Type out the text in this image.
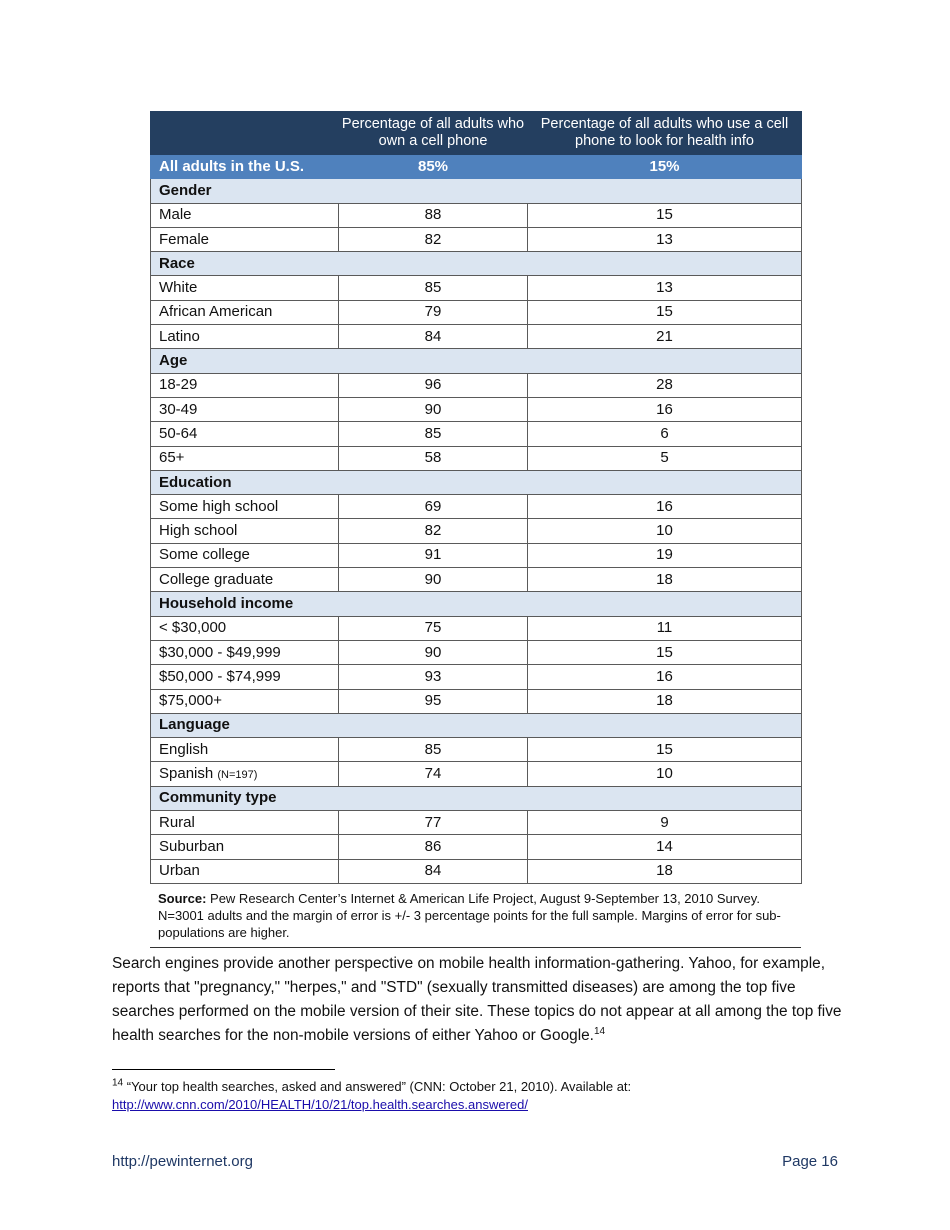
	Percentage of all adults who own a cell phone	Percentage of all adults who use a cell phone to look for health info
All adults in the U.S.	85%	15%
Gender		
Male	88	15
Female	82	13
Race		
White	85	13
African American	79	15
Latino	84	21
Age		
18-29	96	28
30-49	90	16
50-64	85	6
65+	58	5
Education		
Some high school	69	16
High school	82	10
Some college	91	19
College graduate	90	18
Household income		
< $30,000	75	11
$30,000 - $49,999	90	15
$50,000 - $74,999	93	16
$75,000+	95	18
Language		
English	85	15
Spanish (N=197)	74	10
Community type		
Rural	77	9
Suburban	86	14
Urban	84	18
Source: Pew Research Center’s Internet & American Life Project, August 9-September 13, 2010 Survey. N=3001 adults and the margin of error is +/- 3 percentage points for the full sample. Margins of error for sub-populations are higher.
Search engines provide another perspective on mobile health information-gathering. Yahoo, for example, reports that "pregnancy," "herpes," and "STD" (sexually transmitted diseases) are among the top five searches performed on the mobile version of their site. These topics do not appear at all among the top five health searches for the non-mobile versions of either Yahoo or Google.$^{14}$
$^{14}$ “Your top health searches, asked and answered” (CNN: October 21, 2010). Available at:
http://www.cnn.com/2010/HEALTH/10/21/top.health.searches.answered/
http://pewinternet.org	Page 16
